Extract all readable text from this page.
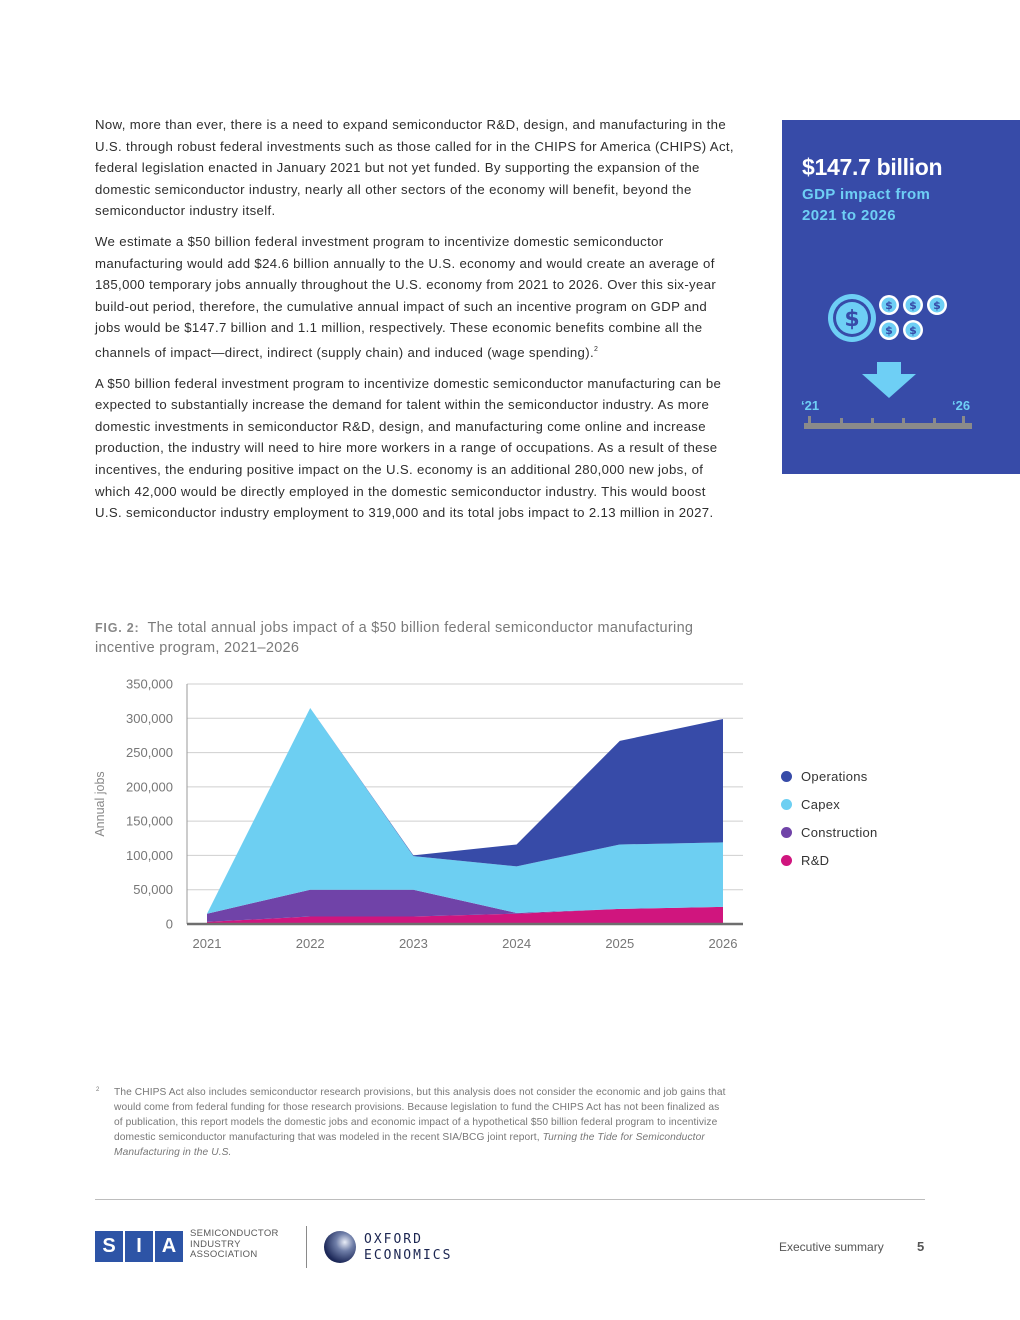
Now, more than ever, there is a need to expand semiconductor R&D, design, and manufacturing in the U.S. through robust federal investments such as those called for in the CHIPS for America (CHIPS) Act, federal legislation enacted in January 2021 but not yet funded. By supporting the expansion of the domestic semiconductor industry, nearly all other sectors of the economy will benefit, beyond the semiconductor industry itself.

We estimate a $50 billion federal investment program to incentivize domestic semiconductor manufacturing would add $24.6 billion annually to the U.S. economy and would create an average of 185,000 temporary jobs annually throughout the U.S. economy from 2021 to 2026. Over this six-year build-out period, therefore, the cumulative annual impact of such an incentive program on GDP and jobs would be $147.7 billion and 1.1 million, respectively. These economic benefits combine all the channels of impact—direct, indirect (supply chain) and induced (wage spending).$^2$

A $50 billion federal investment program to incentivize domestic semiconductor manufacturing can be expected to substantially increase the demand for talent within the semiconductor industry. As more domestic investments in semiconductor R&D, design, and manufacturing come online and increase production, the industry will need to hire more workers in a range of occupations. As a result of these incentives, the enduring positive impact on the U.S. economy is an additional 280,000 new jobs, of which 42,000 would be directly employed in the domestic semiconductor industry. This would boost U.S. semiconductor industry employment to 319,000 and its total jobs impact to 2.13 million in 2027.

$147.7 billion
GDP impact from
2021 to 2026
$
$ $ $
$ $
‘21	‘26
FIG. 2: The total annual jobs impact of a $50 billion federal semiconductor manufacturing incentive program, 2021–2026
0
50,000
100,000
150,000
200,000
250,000
300,000
350,000
2021	2022	2023	2024	2025	2026
Annual jobs	Operations
Capex
Construction
R&D
2 The CHIPS Act also includes semiconductor research provisions, but this analysis does not consider the economic and job gains that would come from federal funding for those research provisions. Because legislation to fund the CHIPS Act has not been finalized as of publication, this report models the domestic jobs and economic impact of a hypothetical $50 billion federal program to incentivize domestic semiconductor manufacturing that was modeled in the recent SIA/BCG joint report, Turning the Tide for Semiconductor Manufacturing in the U.S.
S	I A
SEMICONDUCTOR
INDUSTRY
ASSOCIATION
OXFORD
ECONOMICS
Executive summary	5
